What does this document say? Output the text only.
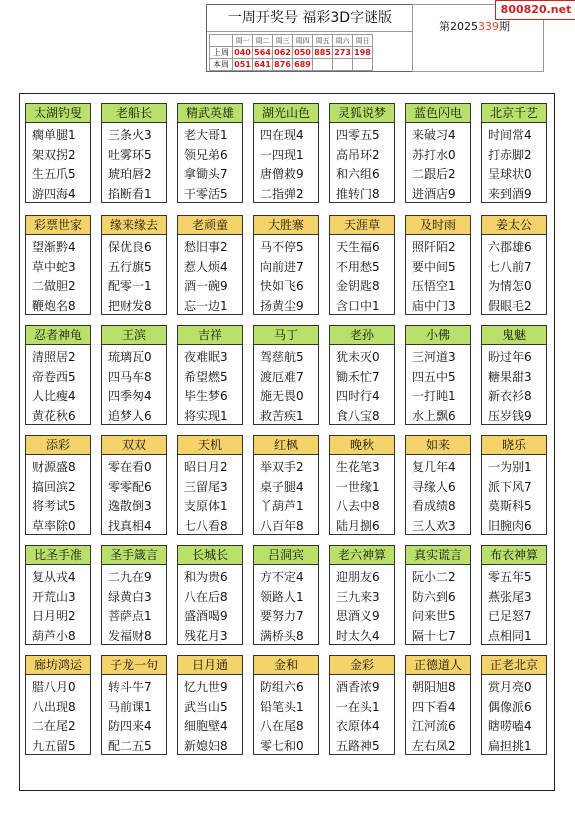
一周开奖号 福彩3D字谜版
	周一	周二	周三	周四	周五	周六	周日
上周	040	564	062	050	885	273	198
本周	051	641	876	689			
第2025339期
800820.net
太湖钓叟
瘸单腿1
架双拐2
生五爪5
游四海4
老船长
三条火3
吐雾环5
琥珀唇2
掐断看1
精武英雄
老大哥1
领兄弟6
拿锄头7
干零活5
湖光山色
四在现4
一四现1
唐僧救9
二指弹2
灵狐说梦
四零五5
高吊环2
和六组6
推转门8
蓝色闪电
来破习4
苏打水0
二跟后2
进酒店9
北京千艺
时间常4
打赤脚2
呈球状0
来到酒9
彩票世家
望渐黔4
草中蛇3
二做胆2
鞭炮名8
缘来缘去
保优良6
五行旗5
配零一1
把财发8
老顽童
愁旧事2
惹人烦4
酒一碗9
忘一边1
大胜寨
马不停5
向前进7
快如飞6
扬黄尘9
天涯草
天生福6
不用愁5
金钥匙8
含口中1
及时雨
照阡陌2
要中间5
压悟空1
庙中门3
姜太公
六郡雄6
七八前7
为情怎0
假眼毛2
忍者神龟
清照居2
帝卷西5
人比瘦4
黄花秋6
王滨
琉璃瓦0
四马车8
四季匆4
追梦人6
吉祥
夜难眠3
希望燃5
毕生梦6
将实现1
马丁
驾慈航5
渡厄难7
施无畏0
救苦疾1
老孙
犹未灭0
锄禾忙7
四时行4
食八宝8
小佛
三河道3
四五中5
一打盹1
水上飘6
鬼魅
盼过年6
糖果甜3
新衣衫8
压岁钱9
添彩
财源盛8
搞回滨2
将考试5
草率除0
双双
零在看0
零零配6
逸散倒3
找真相4
天机
昭日月2
三留尾3
支原体1
七八看8
红枫
举双手2
桌子腿4
丫葫芦1
八百年8
晚秋
生花笔3
一世缘1
八去中8
陆月捌6
如来
复几年4
寻缘人6
看成绩8
三人欢3
晓乐
一为别1
派下风7
莫斯科5
旧腕肉6
比圣手准
复从戎4
开荒山3
日月明2
葫芦小8
圣手箴言
二九在9
绿黄白3
菩萨点1
发福财8
长城长
和为贵6
八在后8
盛酒喝9
残花月3
吕洞宾
方不定4
领路人1
要努力7
满桥头8
老六神算
迎朋友6
三九来3
思酒义9
时太久4
真实谎言
阮小二2
防六到6
问来世5
隔十七7
布衣神算
零五年5
燕张尾3
已足怒7
点相同1
廊坊鸿运
腊八月0
八出现8
二在尾2
九五留5
子龙一句
转斗牛7
马前课1
防四来4
配二五5
日月通
忆九世9
武当山5
细胞壁4
新媳妇8
金和
防组六6
铅笔头1
八在尾8
零七和0
金彩
酒香浓9
一在头1
衣原体4
五路神5
正德道人
朝阳旭8
四下看4
江河流6
左右凤2
正老北京
赏月亮0
偶像派6
瞎唠嗑4
扁担挑1
